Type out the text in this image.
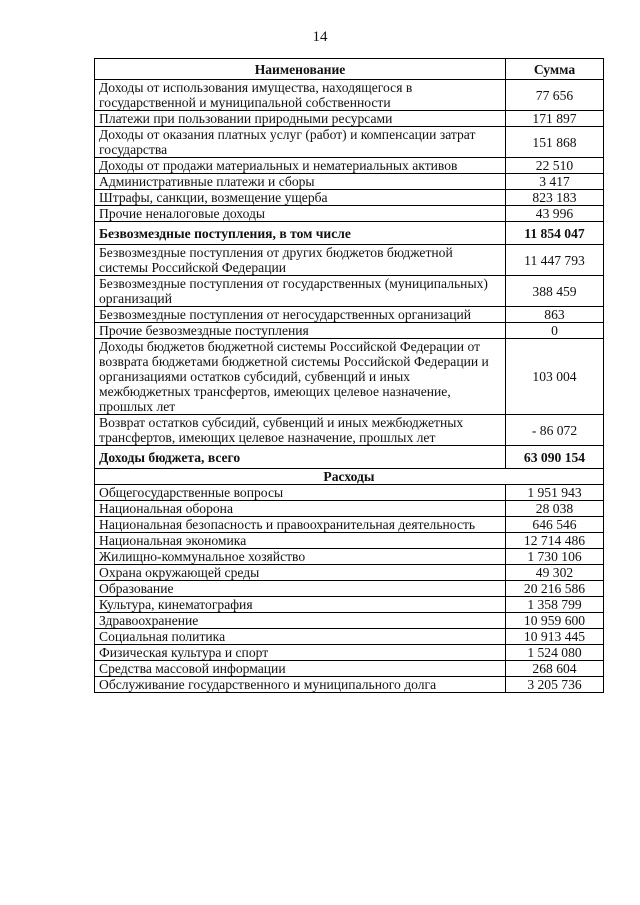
14
Наименование	Сумма
Доходы от использования имущества, находящегося в государственной и муниципальной собственности	77 656
Платежи при пользовании природными ресурсами	171 897
Доходы от оказания платных услуг (работ) и компенсации затрат государства	151 868
Доходы от продажи материальных и нематериальных активов	22 510
Административные платежи и сборы	3 417
Штрафы, санкции, возмещение ущерба	823 183
Прочие неналоговые доходы	43 996
Безвозмездные поступления, в том числе	11 854 047
Безвозмездные поступления от других бюджетов бюджетной системы Российской Федерации	11 447 793
Безвозмездные поступления от государственных (муниципальных) организаций	388 459
Безвозмездные поступления от негосударственных организаций	863
Прочие безвозмездные поступления	0
Доходы бюджетов бюджетной системы Российской Федерации от возврата бюджетами бюджетной системы Российской Федерации и организациями остатков субсидий, субвенций и иных межбюджетных трансфертов, имеющих целевое назначение, прошлых лет	103 004
Возврат остатков субсидий, субвенций и иных межбюджетных трансфертов, имеющих целевое назначение, прошлых лет	- 86 072
Доходы бюджета, всего	63 090 154
Расходы	
Общегосударственные вопросы	1 951 943
Национальная оборона	28 038
Национальная безопасность и правоохранительная деятельность	646 546
Национальная экономика	12 714 486
Жилищно-коммунальное хозяйство	1 730 106
Охрана окружающей среды	49 302
Образование	20 216 586
Культура, кинематография	1 358 799
Здравоохранение	10 959 600
Социальная политика	10 913 445
Физическая культура и спорт	1 524 080
Средства массовой информации	268 604
Обслуживание государственного и муниципального долга	3 205 736
